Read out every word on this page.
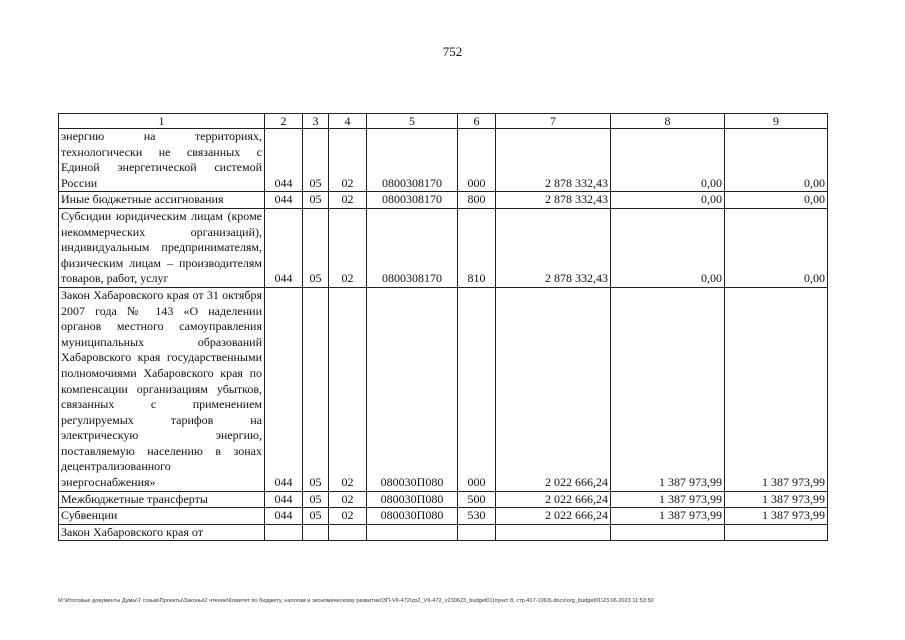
752
1	2	3	4	5	6	7	8	9
энергию на территориях, технологически не связанных с Единой энергетической системой России	044	05	02	0800308170	000	2 878 332,43	0,00	0,00
Иные бюджетные ассигнования	044	05	02	0800308170	800	2 878 332,43	0,00	0,00
Субсидии юридическим лицам (кроме некоммерческих организаций), индивидуальным предпринимателям, физическим лицам – производителям товаров, работ, услуг	044	05	02	0800308170	810	2 878 332,43	0,00	0,00
Закон Хабаровского края от 31 октября 2007 года № 143 «О наделении органов местного самоуправления муниципальных образований Хабаровского края государственными полномочиями Хабаровского края по компенсации организациям убытков, связанных с применением регулируемых тарифов на электрическую энергию, поставляемую населению в зонах децентрализованного энергоснабжения»	044	05	02	080030П080	000	2 022 666,24	1 387 973,99	1 387 973,99
Межбюджетные трансферты	044	05	02	080030П080	500	2 022 666,24	1 387 973,99	1 387 973,99
Субвенции	044	05	02	080030П080	530	2 022 666,24	1 387 973,99	1 387 973,99
Закон Хабаровского края от								
M:\Итоговые документы Думы\7 созыв\Проекты\Законы\2 чтение\Комитет по бюджету, налогам и экономическому развитию\ЗП-VII-472\zp2_VII-472_v230623_budget01(пункт 8, стр.417-1063).docx\org_budget01\23.06.2023 11:53:50
